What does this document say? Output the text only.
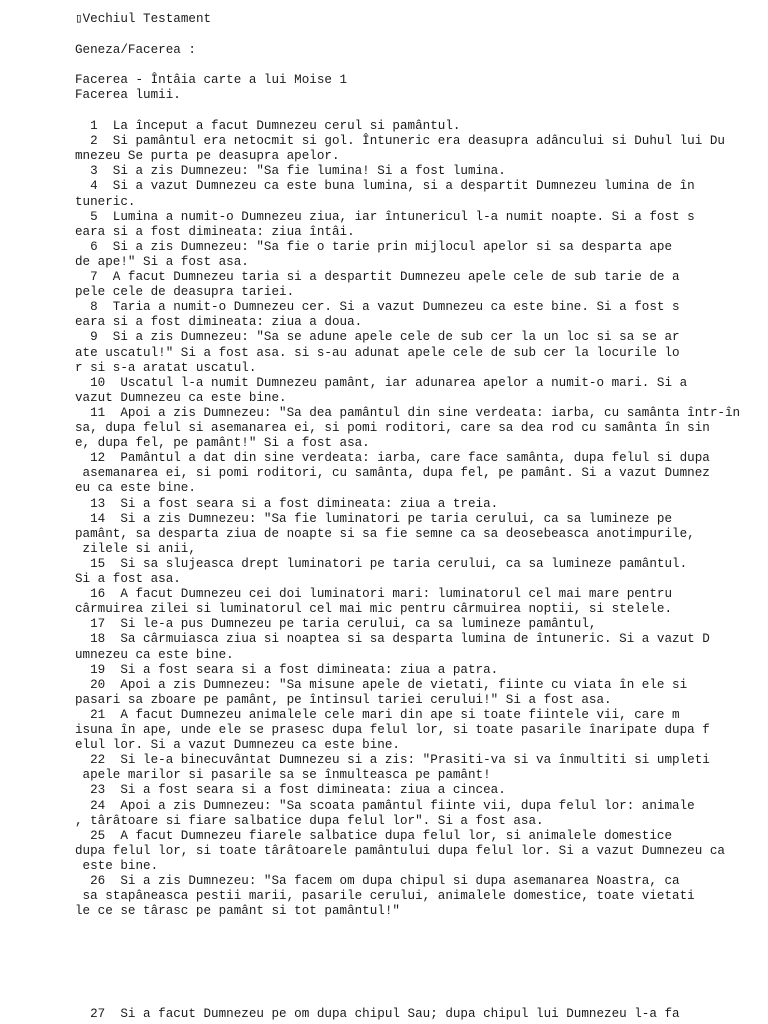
▯Vechiul Testament
Geneza/Facerea :
Facerea - Întâia carte a lui Moise 1
Facerea lumii.
1  La început a facut Dumnezeu cerul si pamântul.
2  Si pamântul era netocmit si gol. Întuneric era deasupra adâncului si Duhul lui Du
mnezeu Se purta pe deasupra apelor.
3  Si a zis Dumnezeu: "Sa fie lumina! Si a fost lumina.
4  Si a vazut Dumnezeu ca este buna lumina, si a despartit Dumnezeu lumina de în
tuneric.
5  Lumina a numit-o Dumnezeu ziua, iar întunericul l-a numit noapte. Si a fost s
eara si a fost dimineata: ziua întâi.
6  Si a zis Dumnezeu: "Sa fie o tarie prin mijlocul apelor si sa desparta ape
de ape!" Si a fost asa.
7  A facut Dumnezeu taria si a despartit Dumnezeu apele cele de sub tarie de a
pele cele de deasupra tariei.
8  Taria a numit-o Dumnezeu cer. Si a vazut Dumnezeu ca este bine. Si a fost s
eara si a fost dimineata: ziua a doua.
9  Si a zis Dumnezeu: "Sa se adune apele cele de sub cer la un loc si sa se ar
ate uscatul!" Si a fost asa. si s-au adunat apele cele de sub cer la locurile lo
r si s-a aratat uscatul.
10  Uscatul l-a numit Dumnezeu pamânt, iar adunarea apelor a numit-o mari. Si a
vazut Dumnezeu ca este bine.
11  Apoi a zis Dumnezeu: "Sa dea pamântul din sine verdeata: iarba, cu samânta într-în
sa, dupa felul si asemanarea ei, si pomi roditori, care sa dea rod cu samânta în sin
e, dupa fel, pe pamânt!" Si a fost asa.
12  Pamântul a dat din sine verdeata: iarba, care face samânta, dupa felul si dupa
asemanarea ei, si pomi roditori, cu samânta, dupa fel, pe pamânt. Si a vazut Dumnez
eu ca este bine.
13  Si a fost seara si a fost dimineata: ziua a treia.
14  Si a zis Dumnezeu: "Sa fie luminatori pe taria cerului, ca sa lumineze pe
pamânt, sa desparta ziua de noapte si sa fie semne ca sa deosebeasca anotimpurile,
zilele si anii,
15  Si sa slujeasca drept luminatori pe taria cerului, ca sa lumineze pamântul.
Si a fost asa.
16  A facut Dumnezeu cei doi luminatori mari: luminatorul cel mai mare pentru
cârmuirea zilei si luminatorul cel mai mic pentru cârmuirea noptii, si stelele.
17  Si le-a pus Dumnezeu pe taria cerului, ca sa lumineze pamântul,
18  Sa cârmuiasca ziua si noaptea si sa desparta lumina de întuneric. Si a vazut D
umnezeu ca este bine.
19  Si a fost seara si a fost dimineata: ziua a patra.
20  Apoi a zis Dumnezeu: "Sa misune apele de vietati, fiinte cu viata în ele si
pasari sa zboare pe pamânt, pe întinsul tariei cerului!" Si a fost asa.
21  A facut Dumnezeu animalele cele mari din ape si toate fiintele vii, care m
isuna în ape, unde ele se prasesc dupa felul lor, si toate pasarile înaripate dupa f
elul lor. Si a vazut Dumnezeu ca este bine.
22  Si le-a binecuvântat Dumnezeu si a zis: "Prasiti-va si va înmultiti si umpleti
apele marilor si pasarile sa se înmulteasca pe pamânt!
23  Si a fost seara si a fost dimineata: ziua a cincea.
24  Apoi a zis Dumnezeu: "Sa scoata pamântul fiinte vii, dupa felul lor: animale
, târâtoare si fiare salbatice dupa felul lor". Si a fost asa.
25  A facut Dumnezeu fiarele salbatice dupa felul lor, si animalele domestice
dupa felul lor, si toate târâtoarele pamântului dupa felul lor. Si a vazut Dumnezeu ca
este bine.
26  Si a zis Dumnezeu: "Sa facem om dupa chipul si dupa asemanarea Noastra, ca
sa stapâneasca pestii marii, pasarile cerului, animalele domestice, toate vietati
le ce se târasc pe pamânt si tot pamântul!"
27  Si a facut Dumnezeu pe om dupa chipul Sau; dupa chipul lui Dumnezeu l-a fa
